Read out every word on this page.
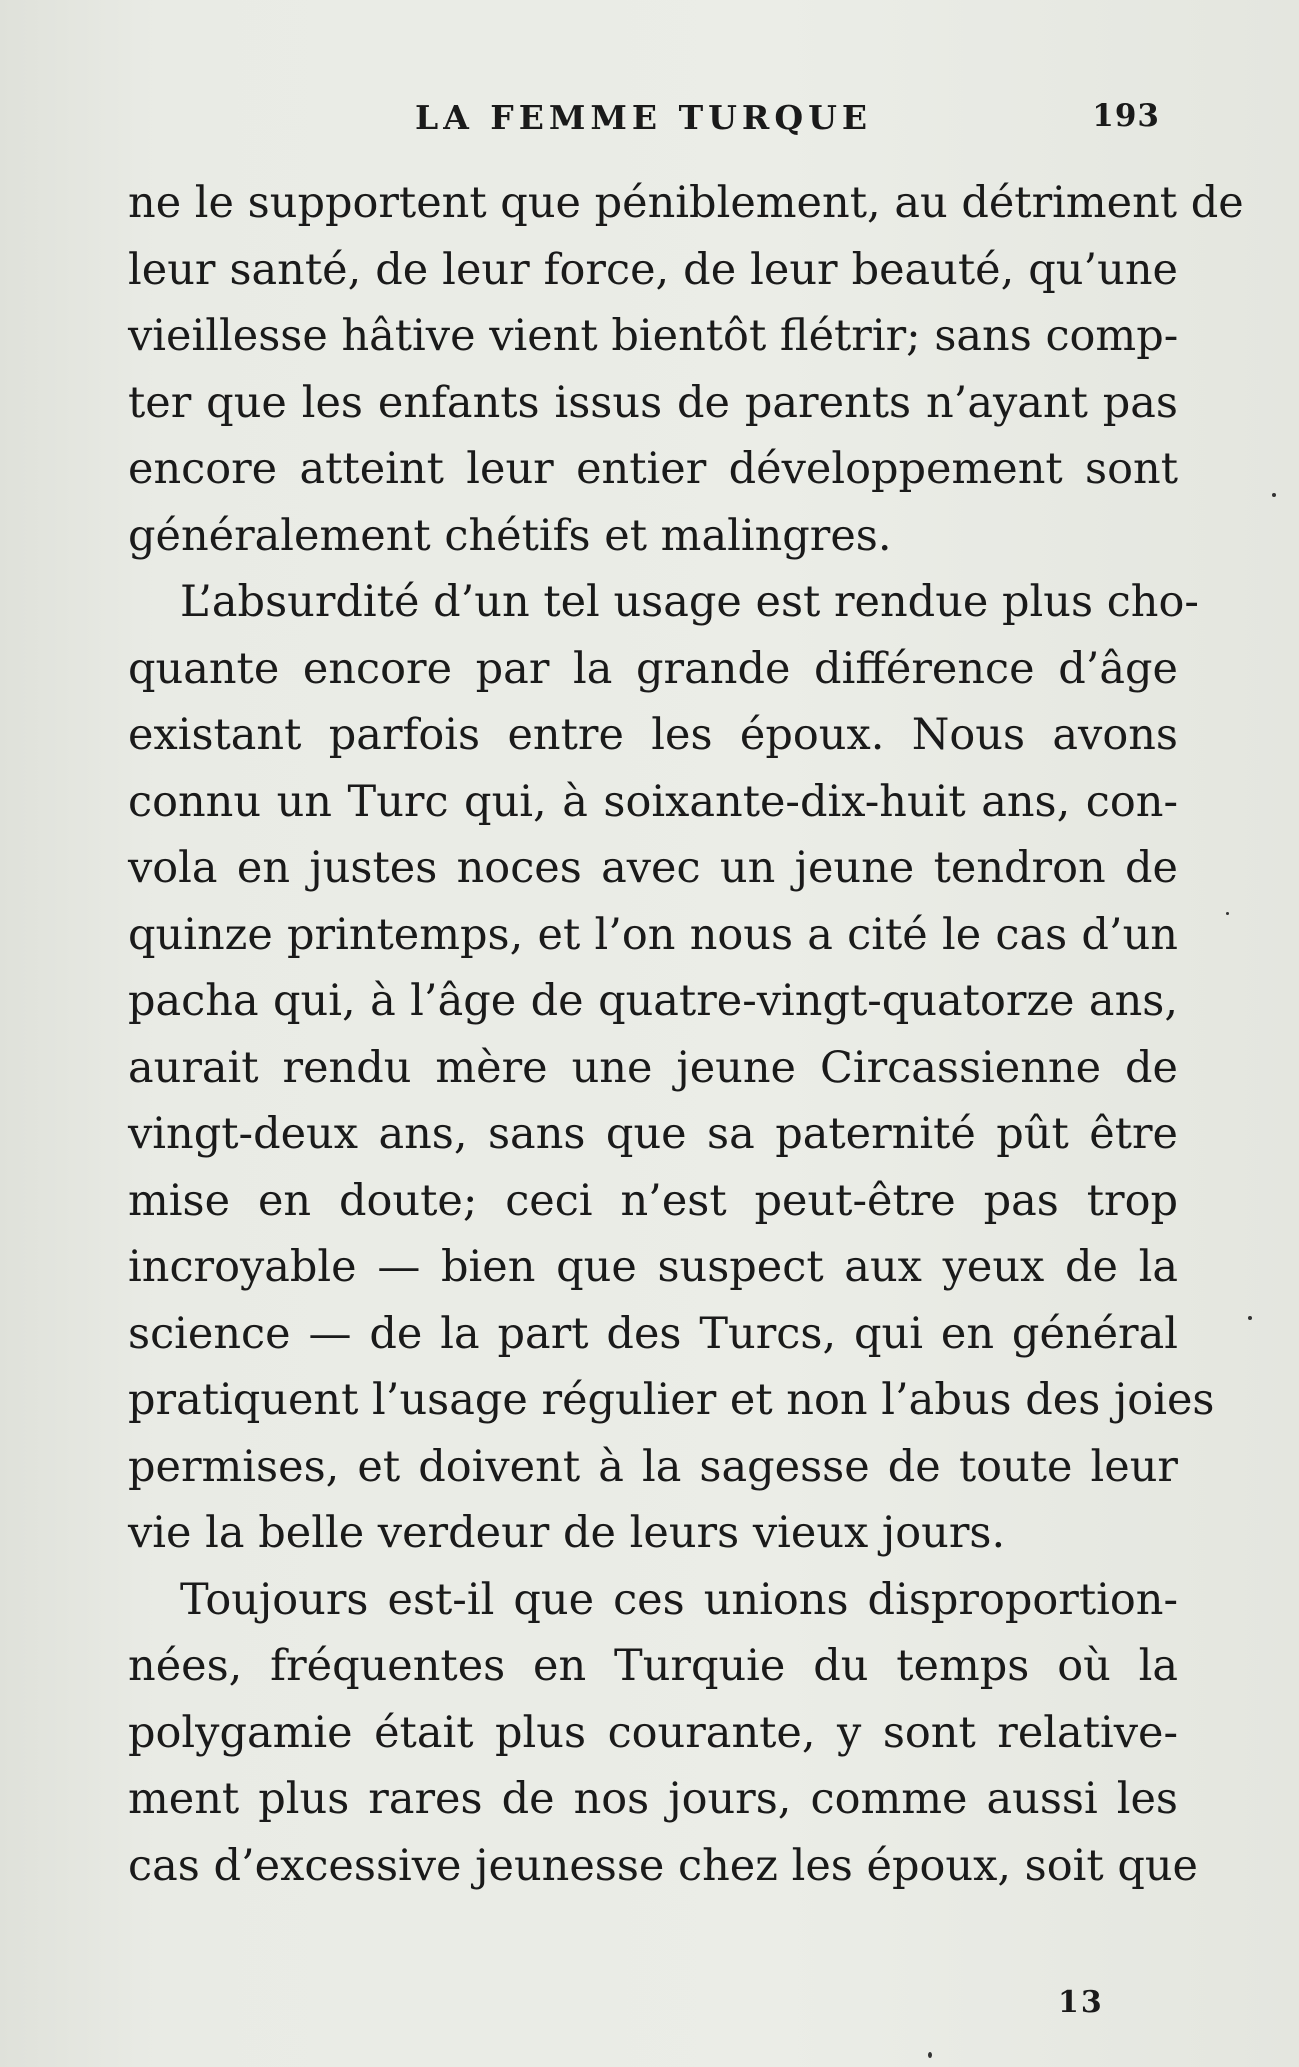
LA FEMME TURQUE	193
ne le supportent que péniblement, au détriment de
leur santé, de leur force, de leur beauté, qu’une
vieillesse hâtive vient bientôt flétrir; sans comp-
ter que les enfants issus de parents n’ayant pas
encore atteint leur entier développement sont
généralement chétifs et malingres.
L’absurdité d’un tel usage est rendue plus cho-
quante encore par la grande différence d’âge
existant parfois entre les époux. Nous avons
connu un Turc qui, à soixante-dix-huit ans, con-
vola en justes noces avec un jeune tendron de
quinze printemps, et l’on nous a cité le cas d’un
pacha qui, à l’âge de quatre-vingt-quatorze ans,
aurait rendu mère une jeune Circassienne de
vingt-deux ans, sans que sa paternité pût être
mise en doute; ceci n’est peut-être pas trop
incroyable — bien que suspect aux yeux de la
science — de la part des Turcs, qui en général
pratiquent l’usage régulier et non l’abus des joies
permises, et doivent à la sagesse de toute leur
vie la belle verdeur de leurs vieux jours.
Toujours est-il que ces unions disproportion-
nées, fréquentes en Turquie du temps où la
polygamie était plus courante, y sont relative-
ment plus rares de nos jours, comme aussi les
cas d’excessive jeunesse chez les époux, soit que
13
